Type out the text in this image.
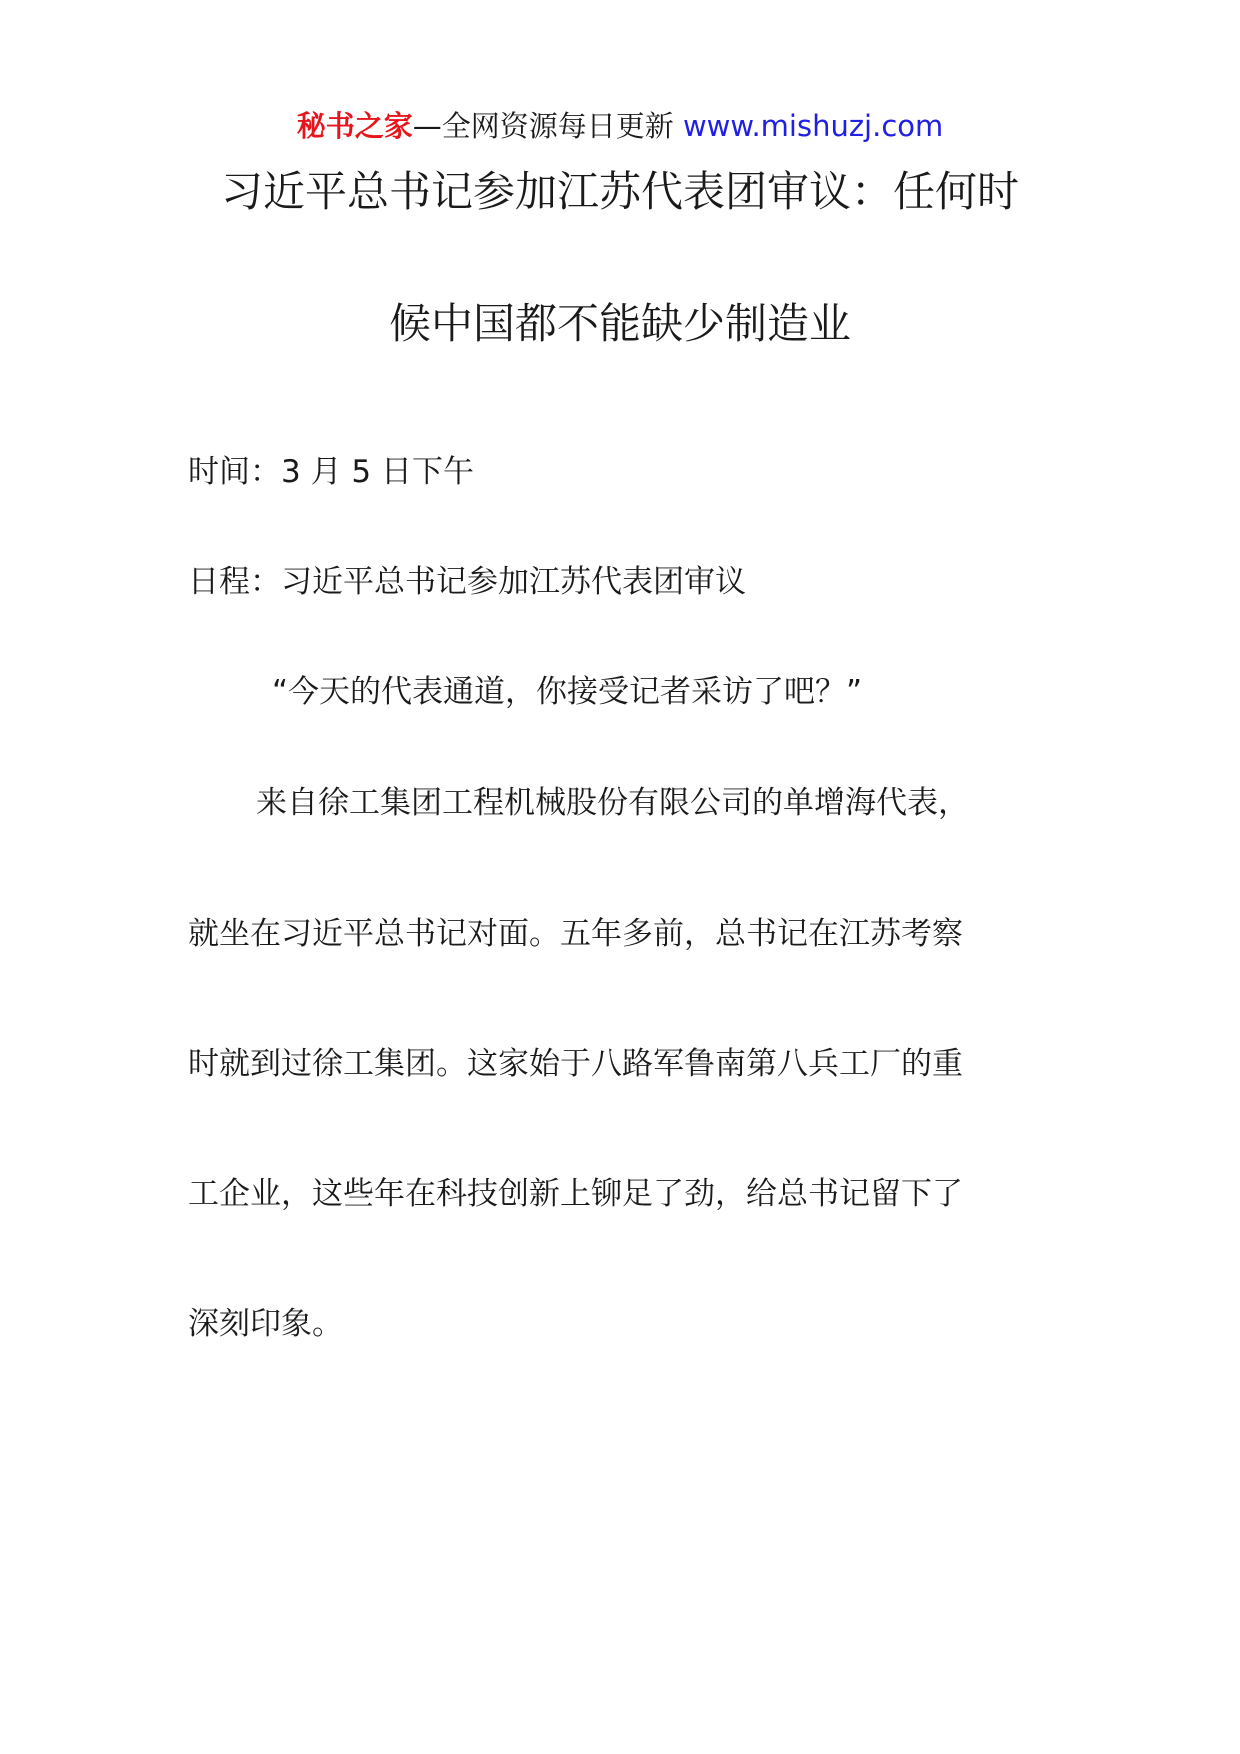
秘书之家—全网资源每日更新 www.mishuzj.com
习近平总书记参加江苏代表团审议：任何时
候中国都不能缺少制造业
时间：3 月 5 日下午
日程：习近平总书记参加江苏代表团审议
“今天的代表通道，你接受记者采访了吧？”
来自徐工集团工程机械股份有限公司的单增海代表，
就坐在习近平总书记对面。五年多前，总书记在江苏考察
时就到过徐工集团。这家始于八路军鲁南第八兵工厂的重
工企业，这些年在科技创新上铆足了劲，给总书记留下了
深刻印象。
